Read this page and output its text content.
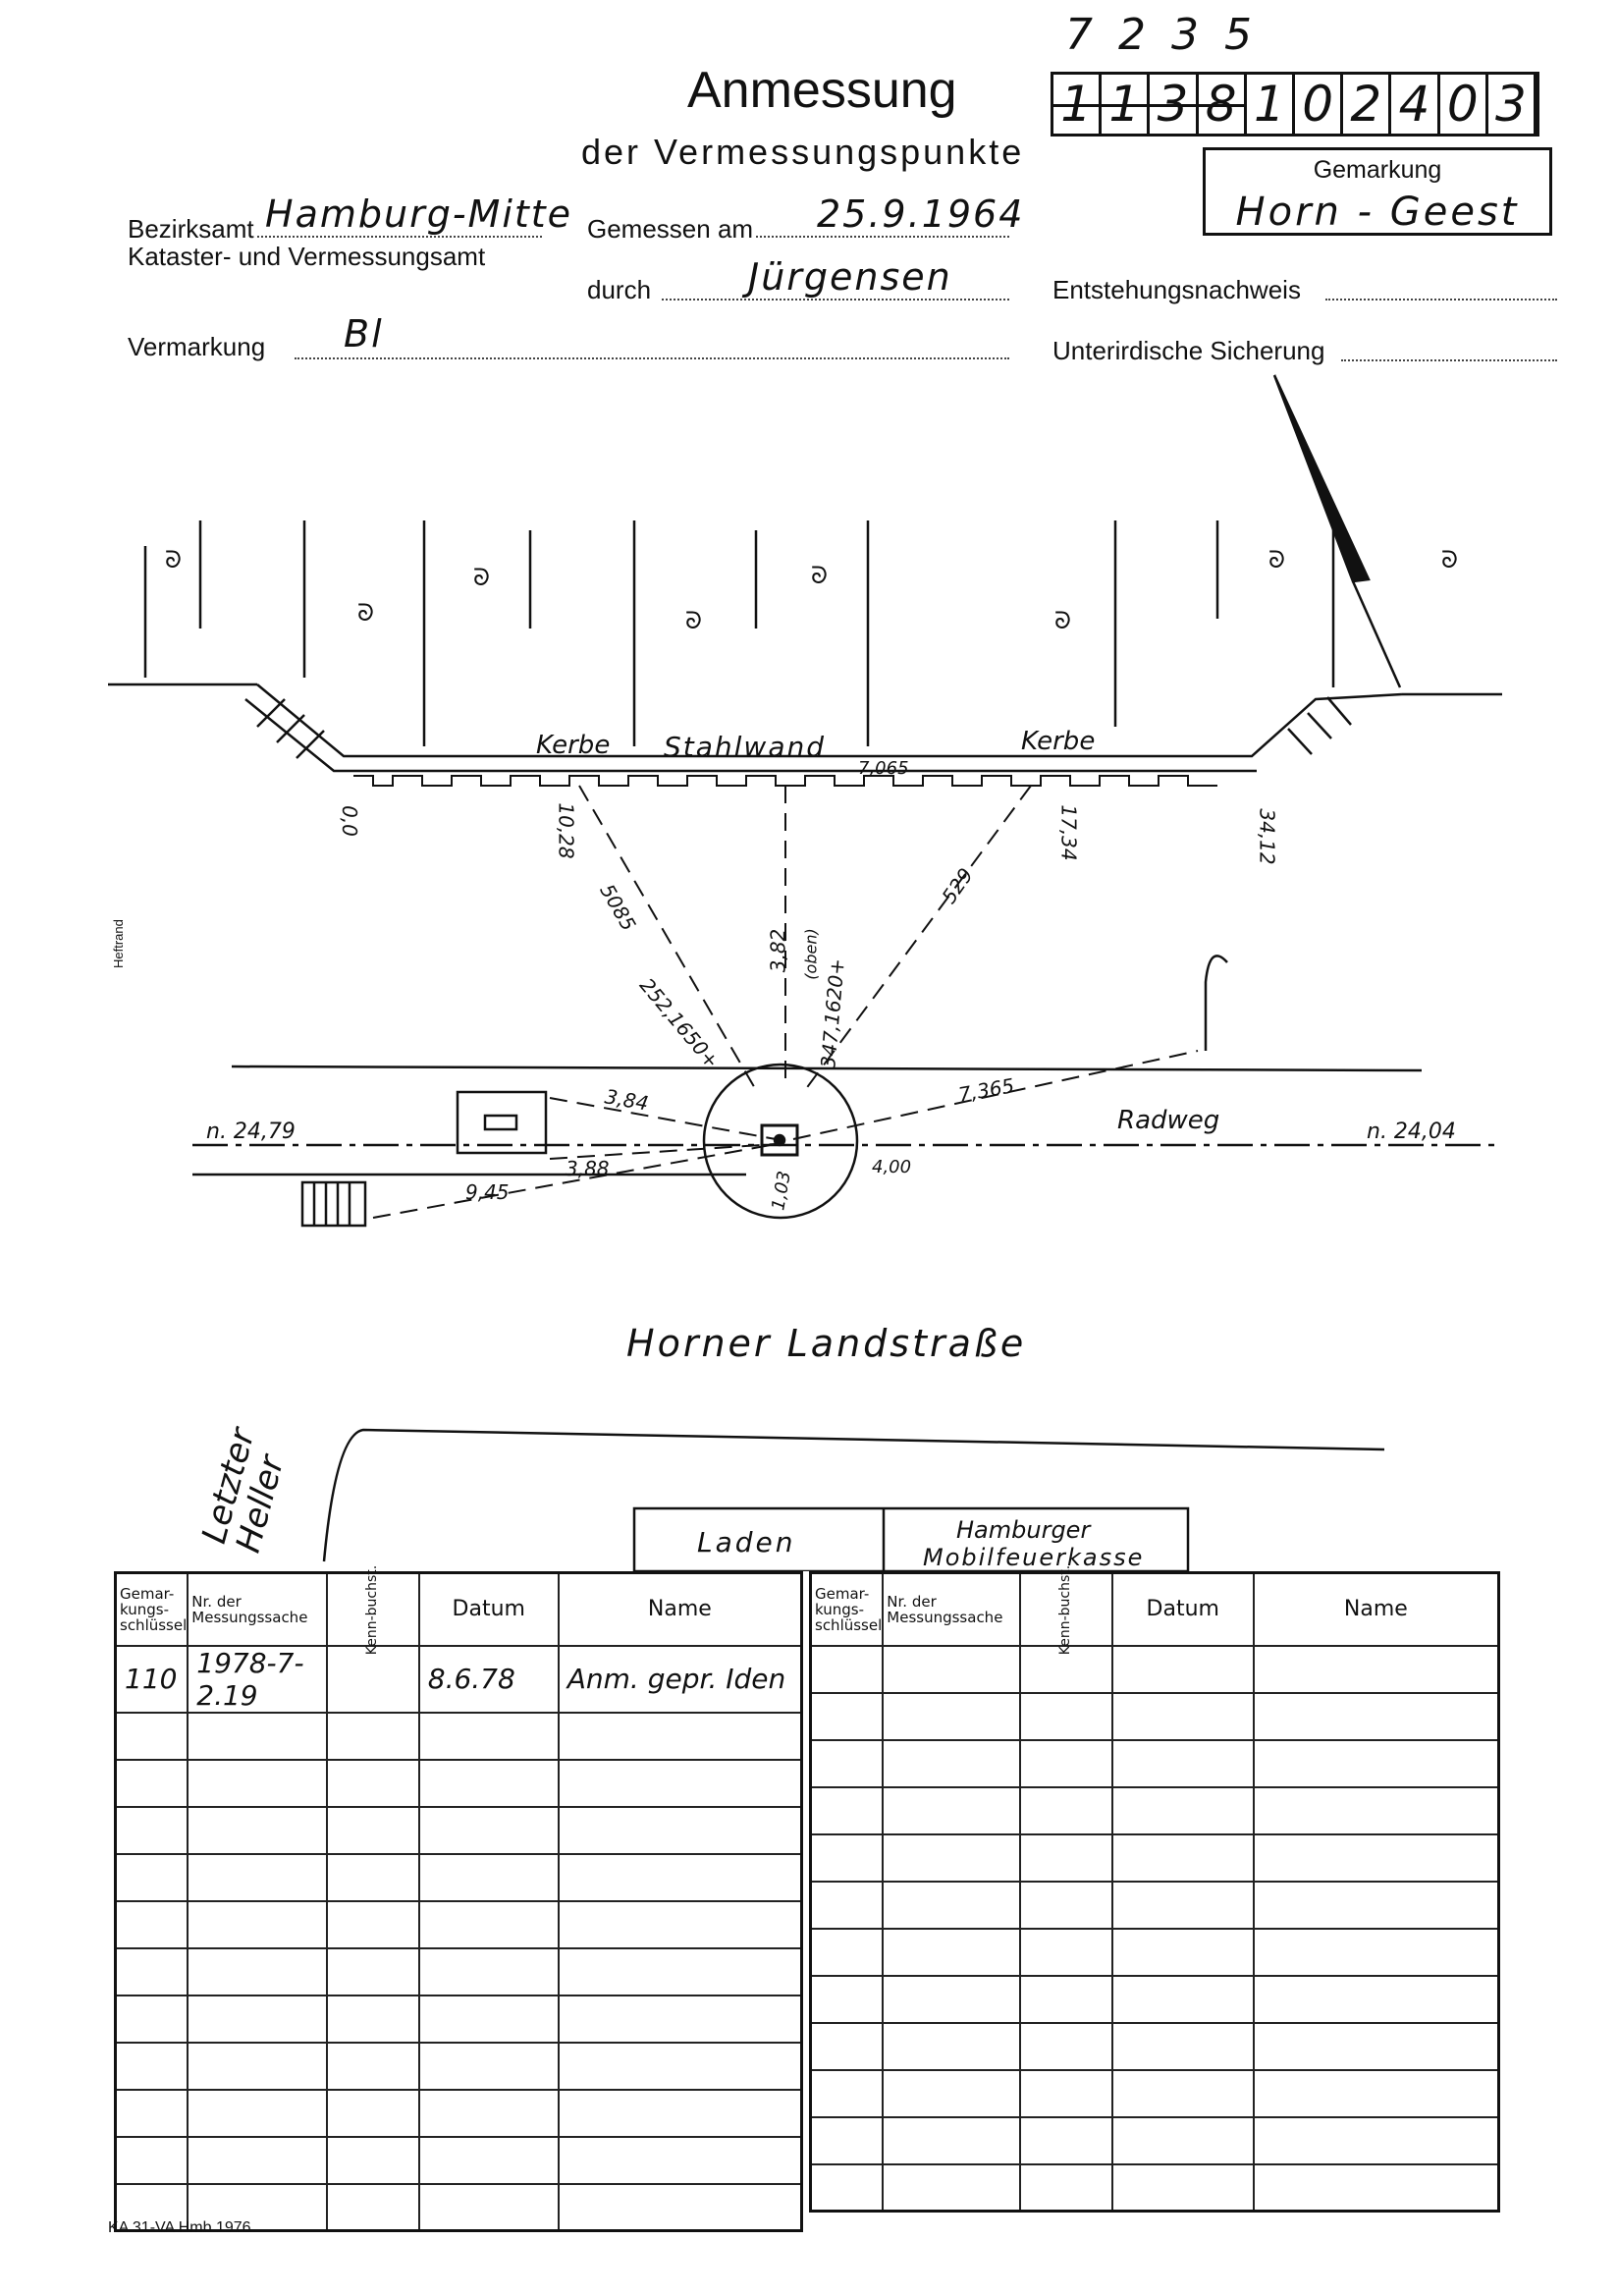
Anmessung
der Vermessungspunkte
7 2 3 5
1 1 3 8 1 0 2 4 0 3
Gemarkung
Horn - Geest
Bezirksamt Hamburg-Mitte
Kataster- und Vermessungsamt
Gemessen am 25.9.1964
durch	Jürgensen	Entstehungsnachweis
Vermarkung Bl	Unterirdische Sicherung
Heftrand
ᘐ
ᘐ
ᘐ
ᘐ
ᘐ
ᘐ
ᘐ	ᘐ
Kerbe Stahlwand	Kerbe
7,065
0,0	10,28	17,34	34,12
5085	529
3,82 (oben)
252,1650+	347,1620+
3,84
3,88
9,45	1,03
4,00
7,365
Radweg
n. 24,79	n. 24,04
Horner Landstraße
Letzter Heller	Laden	Hamburger
Mobilfeuerkasse
Gemar-kungs-schlüssel	Nr. der Messungssache	Kenn-buchst.	Datum	Name
110	1978-7-2.19		8.6.78	Anm. gepr. Iden

Gemar-kungs-schlüssel	Nr. der Messungssache	Kenn-buchst.	Datum	Name

KA 31-VA Hmb 1976
